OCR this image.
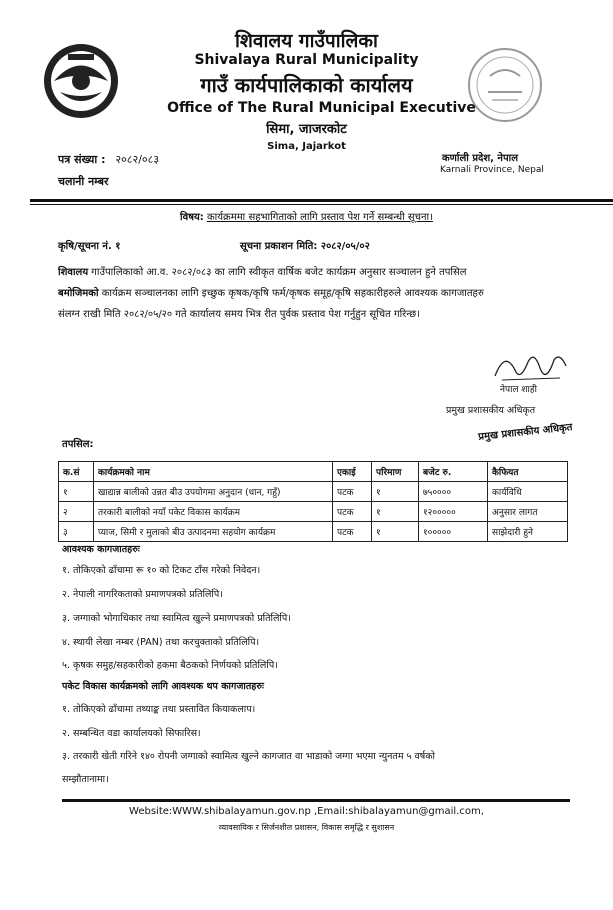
शिवालय गाउँपालिका
Shivalaya Rural Municipality
गाउँ कार्यपालिकाको कार्यालय
Office of The Rural Municipal Executive
सिमा, जाजरकोट
Sima, Jajarkot
कर्णाली प्रदेश, नेपाल
Karnali Province, Nepal
पत्र संख्या : २०८२/०८३
चलानी नम्बर
विषय: कार्यक्रममा सहभागिताको लागि प्रस्ताव पेश गर्ने सम्बन्धी सूचना।
कृषि/सूचना नं. १	सूचना प्रकाशन मिति: २०८२/०५/०२
शिवालय गाउँपालिकाको आ.व. २०८२/०८३ का लागि स्वीकृत वार्षिक बजेट कार्यक्रम अनुसार सञ्चालन हुने तपसिल
बमोजिमको कार्यक्रम सञ्चालनका लागि इच्छुक कृषक/कृषि फर्म/कृषक समूह/कृषि सहकारीहरुले आवश्यक कागजातहरु
संलग्न राखी मिति २०८२/०५/२० गते कार्यालय समय भित्र रीत पुर्वक प्रस्ताव पेश गर्नुहुन सूचित गरिन्छ।
नेपाल शाही
प्रमुख प्रशासकीय अधिकृत
प्रमुख प्रशासकीय अधिकृत
तपसिल:
क.सं	कार्यक्रमको नाम	एकाई	परिमाण	बजेट रु.	कैफियत
१	खाद्यान्न बालीको उन्नत बीउ उपयोगमा अनुदान (धान, गहुँ)	पटक	१	७५००००	कार्यविधि
२	तरकारी बालीको नयाँ पकेट विकास कार्यक्रम	पटक	१	१२०००००	अनुसार लागत
३	प्याज, सिमी र मुलाको बीउ उत्पादनमा सहयोग कार्यक्रम	पटक	१	१०००००	साझेदारी हुने
आवश्यक कागजातहरुः
१. तोकिएको ढाँचामा रू १० को टिकट टाँस गरेको निवेदन।
२. नेपाली नागरिकताको प्रमाणपत्रको प्रतिलिपि।
३. जग्गाको भोगाधिकार तथा स्वामित्व खुल्ने प्रमाणपत्रको प्रतिलिपि।
४. स्थायी लेखा नम्बर (PAN) तथा करचुक्ताको प्रतिलिपि।
५. कृषक समुह/सहकारीको हकमा बैठकको निर्णयको प्रतिलिपि।
पकेट विकास कार्यक्रमको लागि आवश्यक थप कागजातहरुः
१. तोकिएको ढाँचामा तथ्याङ्क तथा प्रस्तावित कियाकलाप।
२. सम्बन्धित वडा कार्यालयको सिफारिस।
३. तरकारी खेती गरिने १४० रोपनी जग्गाको स्वामित्व खुल्ने कागजात वा भाडाको जग्गा भएमा न्युनतम ५ वर्षको
सम्झौतानामा।
Website:WWW.shibalayamun.gov.np ,Email:shibalayamun@gmail.com,
व्यावसायिक र सिर्जनशील प्रशासन, विकास समृद्धि र सुशासन
